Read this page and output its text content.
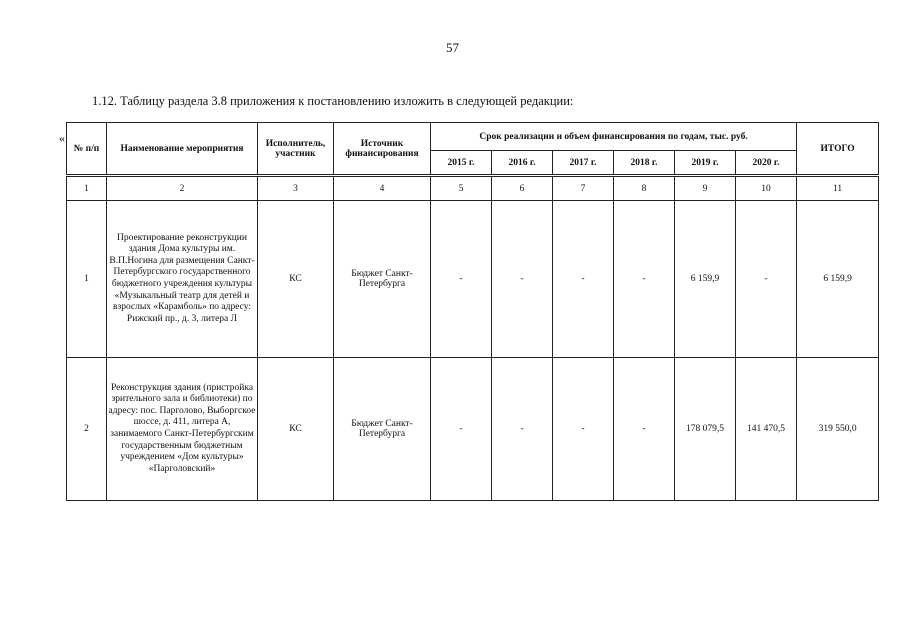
57
1.12. Таблицу раздела 3.8 приложения к постановлению изложить в следующей редакции:
«
№ п/п	Наименование мероприятия	Исполнитель, участник	Источник финансирования	Срок реализации и объем финансирования по годам, тыс. руб.						ИТОГО
				2015 г.	2016 г.	2017 г.	2018 г.	2019 г.	2020 г.	
1	2	3	4	5	6	7	8	9	10	11
1	Проектирование реконструкции здания Дома культуры им. В.П.Ногина для размещения Санкт-Петербургского государственного бюджетного учреждения культуры «Музыкальный театр для детей и взрослых «Карамболь» по адресу: Рижский пр., д. 3, литера Л	КС	Бюджет Санкт-Петербурга	-	-	-	-	6 159,9	-	6 159,9
2	Реконструкция здания (пристройка зрительного зала и библиотеки) по адресу: пос. Парголово, Выборгское шоссе, д. 411, литера А, занимаемого Санкт-Петербургским государственным бюджетным учреждением «Дом культуры» «Парголовский»	КС	Бюджет Санкт-Петербурга	-	-	-	-	178 079,5	141 470,5	319 550,0
